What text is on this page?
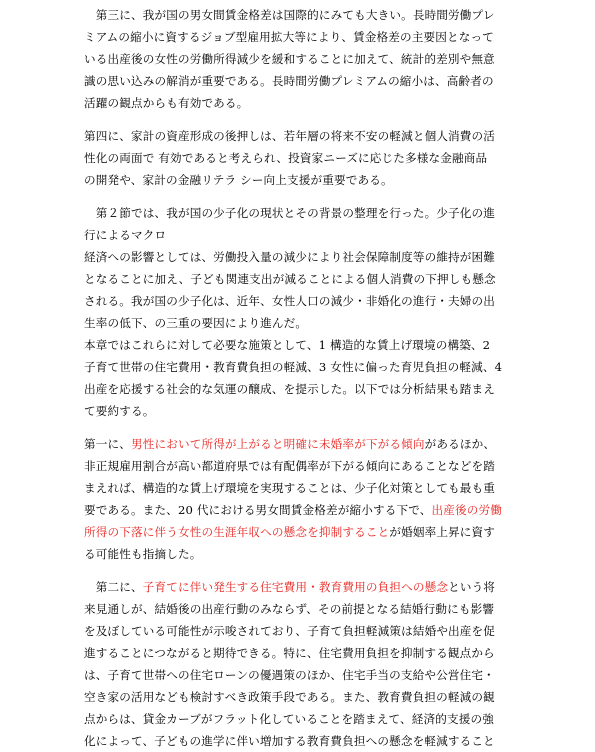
　第三に、我が国の男女間賃金格差は国際的にみても大きい。長時間労働プレ
ミアムの縮小に資するジョブ型雇用拡大等により、賃金格差の主要因となって
いる出産後の女性の労働所得減少を緩和することに加えて、統計的差別や無意
識の思い込みの解消が重要である。長時間労働プレミアムの縮小は、高齢者の
活躍の観点からも有効である。
第四に、家計の資産形成の後押しは、若年層の将来不安の軽減と個人消費の活
性化の両面で 有効であると考えられ、投資家ニーズに応じた多様な金融商品
の開発や、家計の金融リテラ シー向上支援が重要である。
　第２節では、我が国の少子化の現状とその背景の整理を行った。少子化の進
行によるマクロ
経済への影響としては、労働投入量の減少により社会保障制度等の維持が困難
となることに加え、子ども関連支出が減ることによる個人消費の下押しも懸念
される。我が国の少子化は、近年、女性人口の減少・非婚化の進行・夫婦の出
生率の低下、の三重の要因により進んだ。
本章ではこれらに対して必要な施策として、1 構造的な賃上げ環境の構築、2
子育て世帯の住宅費用・教育費負担の軽減、3 女性に偏った育児負担の軽減、4
出産を応援する社会的な気運の醸成、を提示した。以下では分析結果も踏まえ
て要約する。
第一に、男性において所得が上がると明確に未婚率が下がる傾向があるほか、
非正規雇用割合が高い都道府県では有配偶率が下がる傾向にあることなどを踏
まえれば、構造的な賃上げ環境を実現することは、少子化対策としても最も重
要である。また、20 代における男女間賃金格差が縮小する下で、出産後の労働
所得の下落に伴う女性の生涯年収への懸念を抑制することが婚姻率上昇に資す
る可能性も指摘した。
　第二に、子育てに伴い発生する住宅費用・教育費用の負担への懸念という将
来見通しが、結婚後の出産行動のみならず、その前提となる結婚行動にも影響
を及ぼしている可能性が示唆されており、子育て負担軽減策は結婚や出産を促
進することにつながると期待できる。特に、住宅費用負担を抑制する観点から
は、子育て世帯への住宅ローンの優遇策のほか、住宅手当の支給や公営住宅・
空き家の活用なども検討すべき政策手段である。また、教育費負担の軽減の観
点からは、貸金カーブがフラット化していることを踏まえて、経済的支援の強
化によって、子どもの進学に伴い増加する教育費負担への懸念を軽減すること
